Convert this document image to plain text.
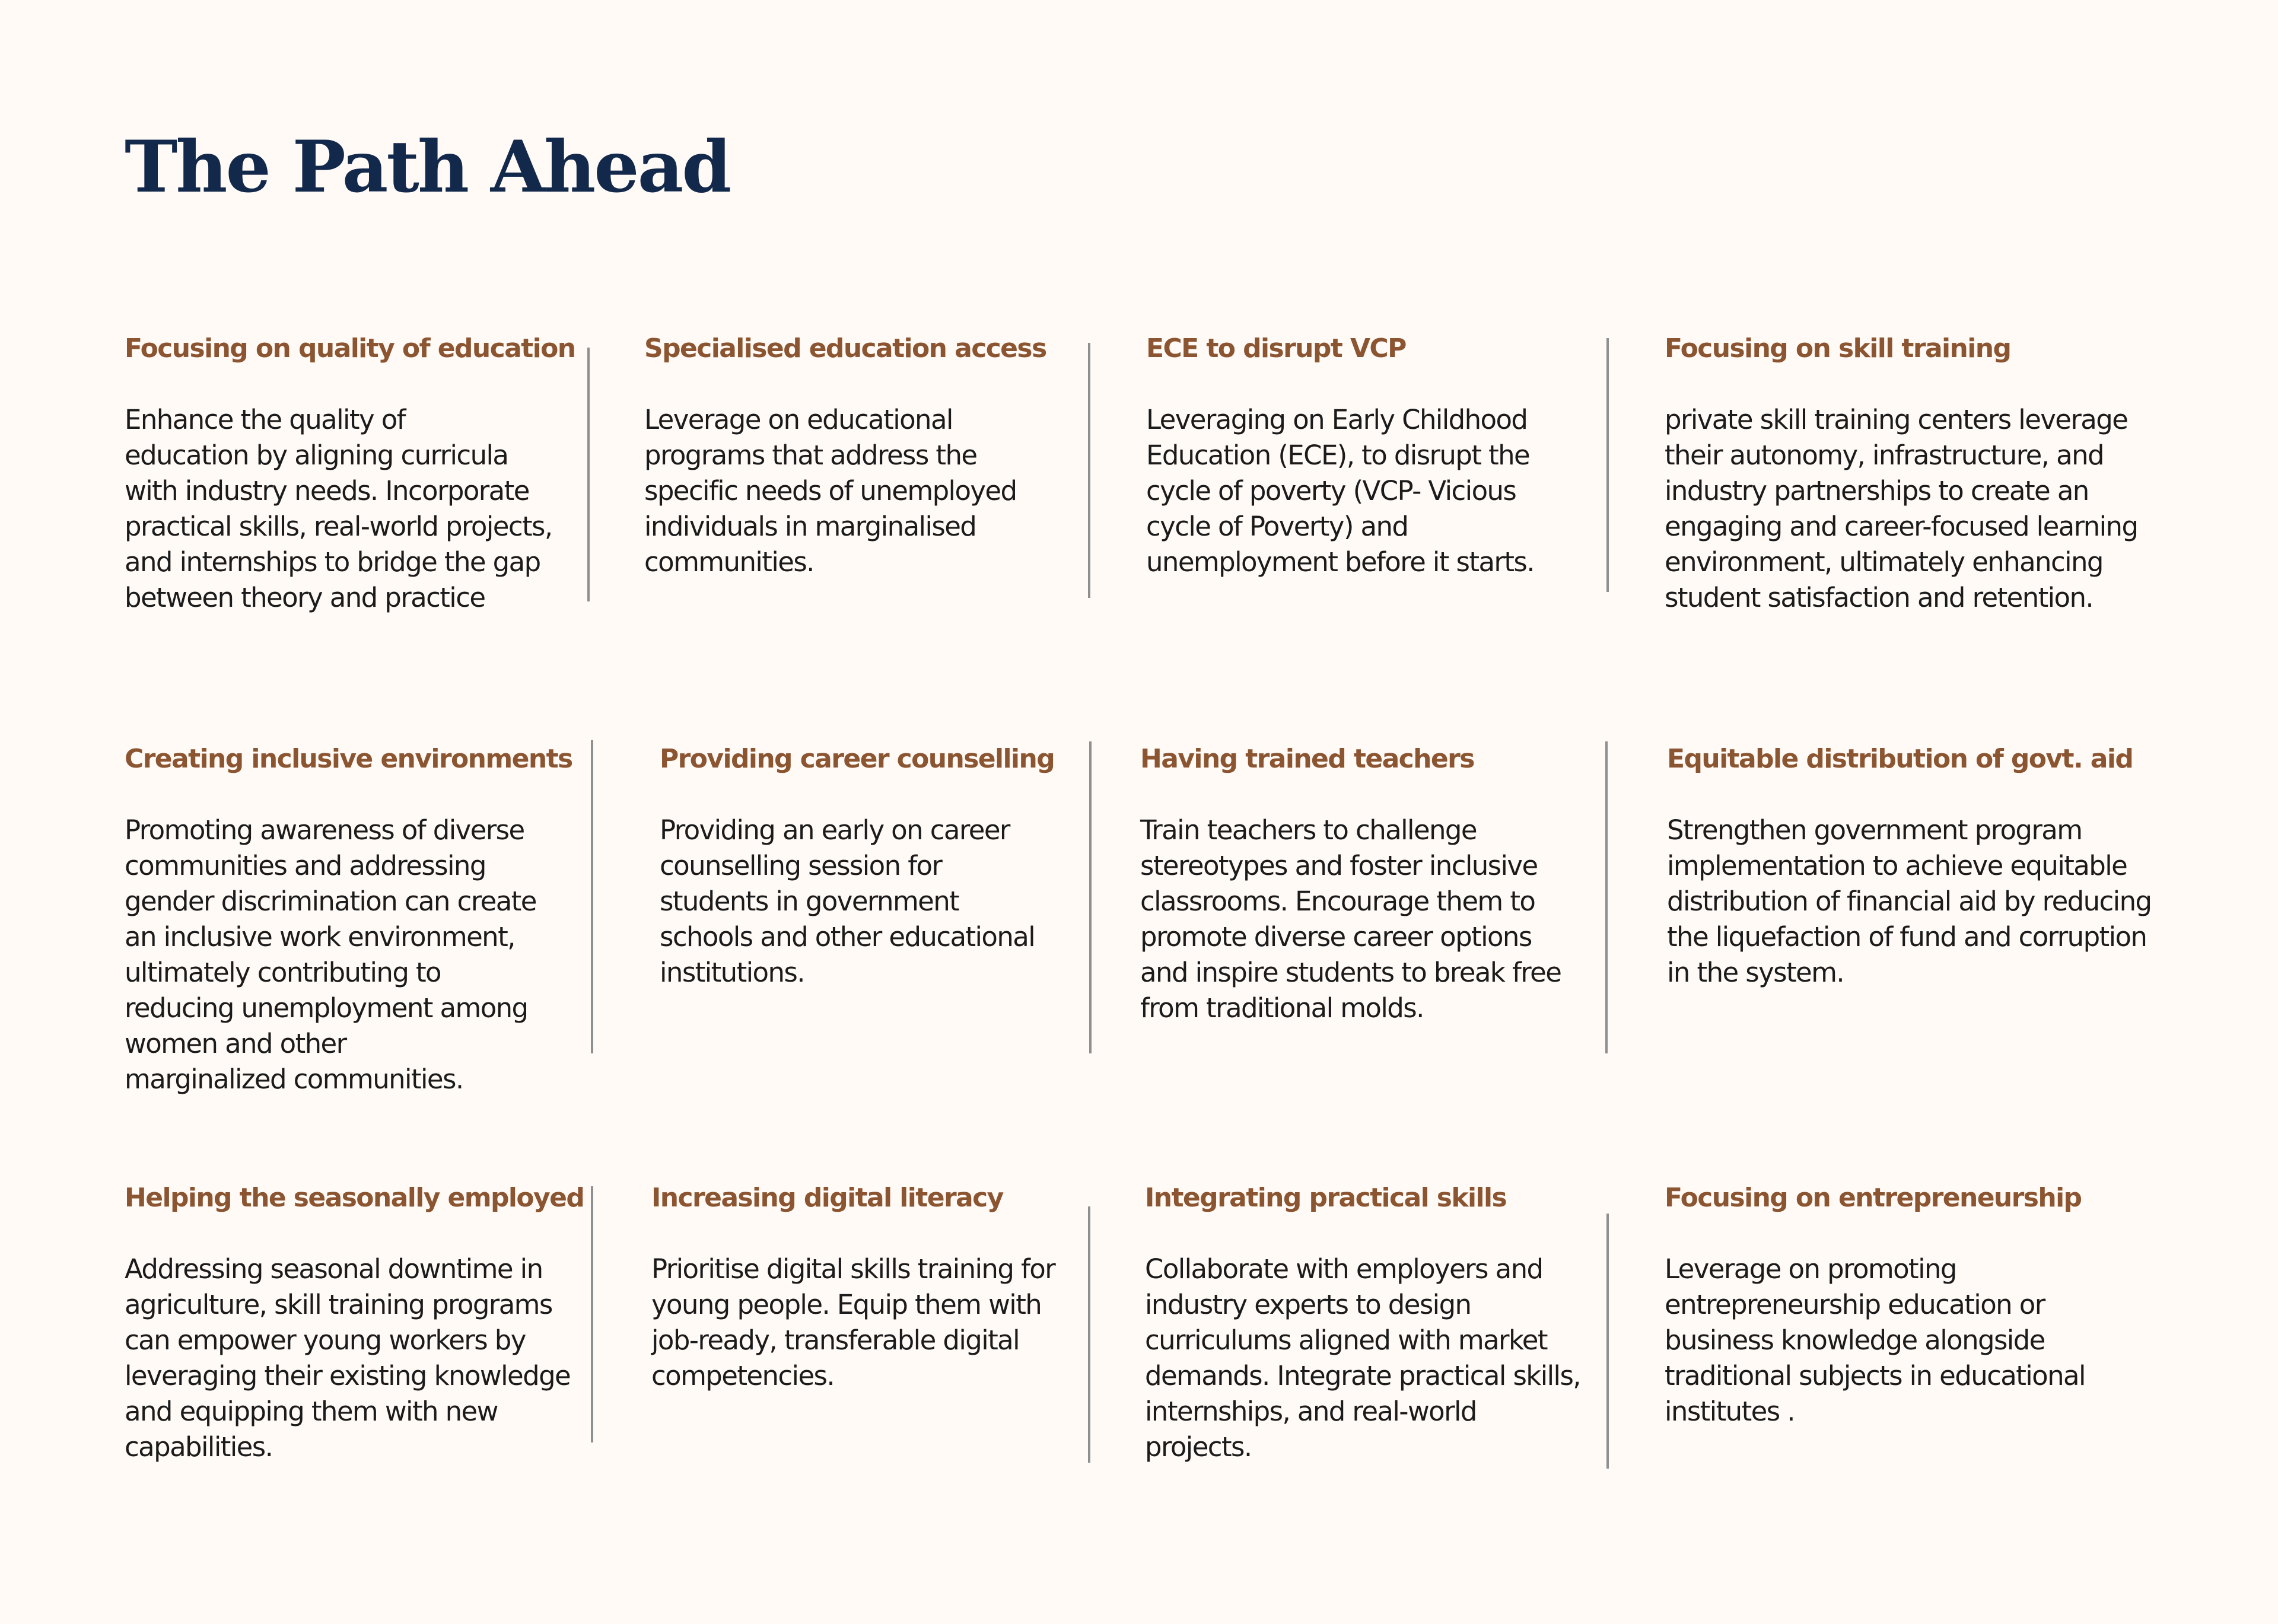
The Path Ahead
Focusing on quality of education

Enhance the quality of
education by aligning curricula
with industry needs. Incorporate
practical skills, real-world projects,
and internships to bridge the gap
between theory and practice

Specialised education access

Leverage on educational
programs that address the
specific needs of unemployed
individuals in marginalised
communities.

ECE to disrupt VCP

Leveraging on Early Childhood
Education (ECE), to disrupt the
cycle of poverty (VCP- Vicious
cycle of Poverty) and
unemployment before it starts.

Focusing on skill training

private skill training centers leverage
their autonomy, infrastructure, and
industry partnerships to create an
engaging and career-focused learning
environment, ultimately enhancing
student satisfaction and retention.

Creating inclusive environments

Promoting awareness of diverse
communities and addressing
gender discrimination can create
an inclusive work environment,
ultimately contributing to
reducing unemployment among
women and other
marginalized communities.

Providing career counselling

Providing an early on career
counselling session for
students in government
schools and other educational
institutions.

Having trained teachers

Train teachers to challenge
stereotypes and foster inclusive
classrooms. Encourage them to
promote diverse career options
and inspire students to break free
from traditional molds.

Equitable distribution of govt. aid

Strengthen government program
implementation to achieve equitable
distribution of financial aid by reducing
the liquefaction of fund and corruption
in the system.

Helping the seasonally employed

Addressing seasonal downtime in
agriculture, skill training programs
can empower young workers by
leveraging their existing knowledge
and equipping them with new
capabilities.

Increasing digital literacy

Prioritise digital skills training for
young people. Equip them with
job-ready, transferable digital
competencies.

Integrating practical skills

Collaborate with employers and
industry experts to design
curriculums aligned with market
demands. Integrate practical skills,
internships, and real-world
projects.

Focusing on entrepreneurship

Leverage on promoting
entrepreneurship education or
business knowledge alongside
traditional subjects in educational
institutes .
